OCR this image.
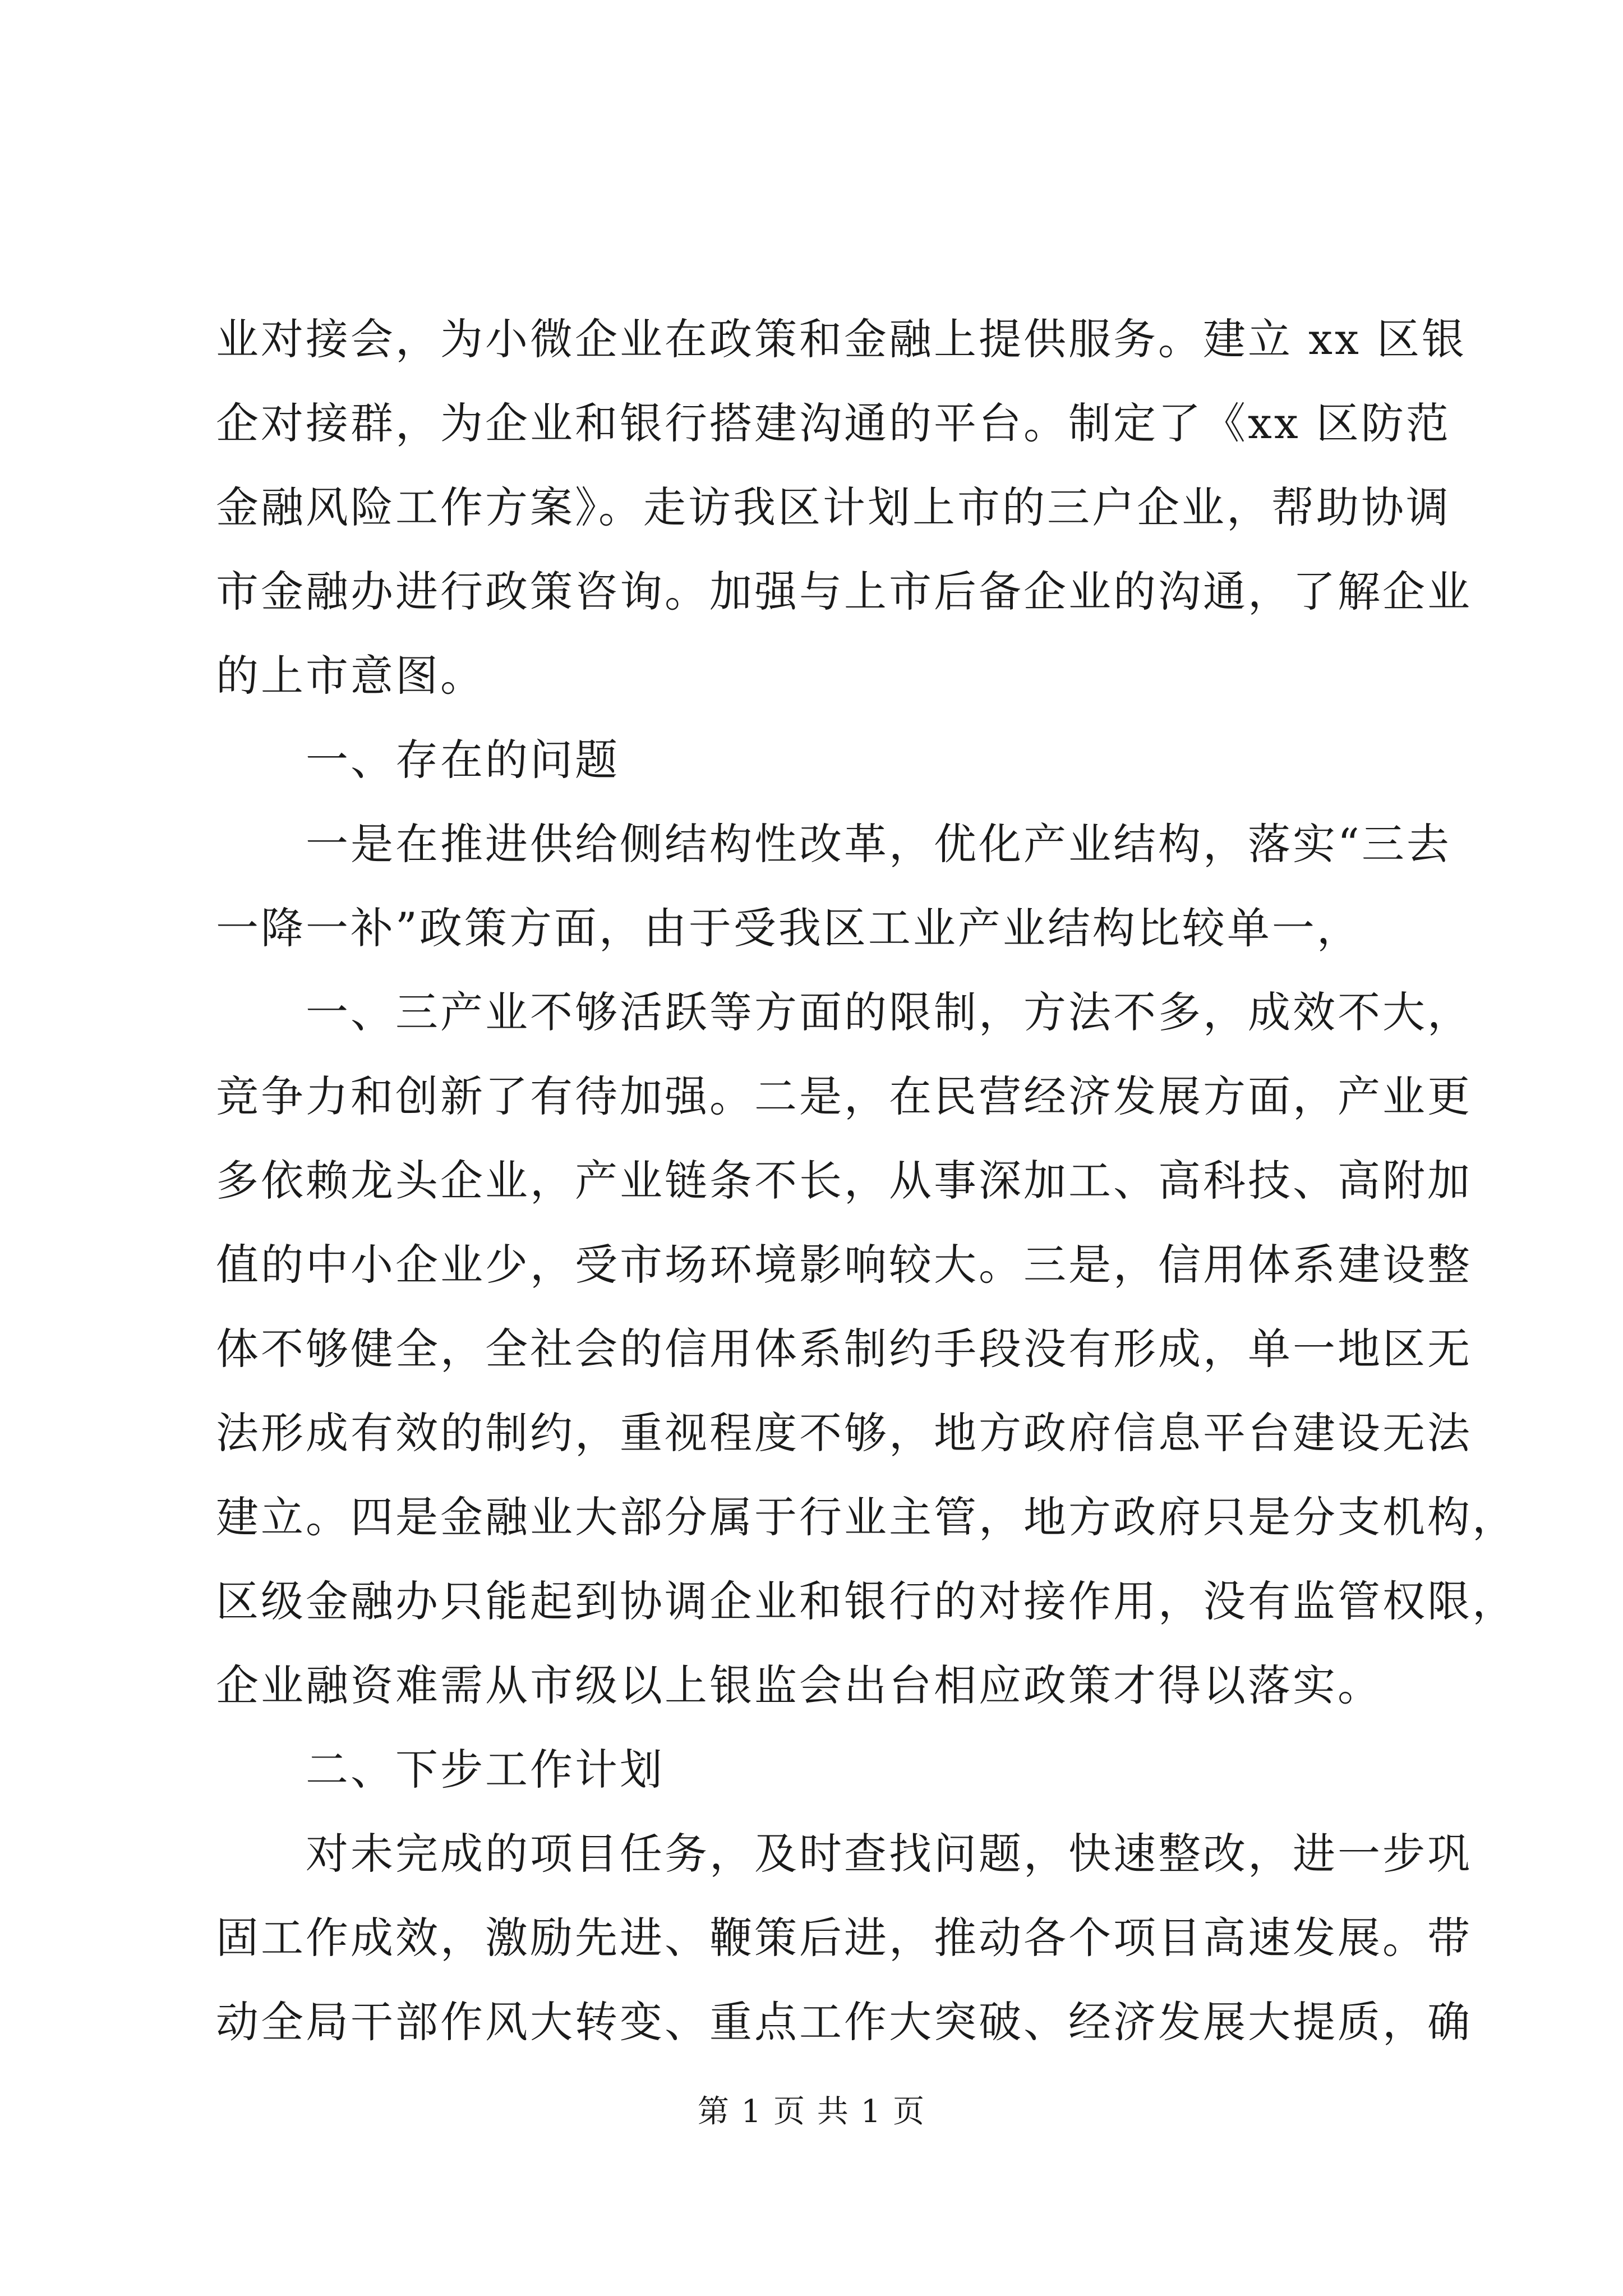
业对接会，为小微企业在政策和金融上提供服务。建立 xx 区银
企对接群，为企业和银行搭建沟通的平台。制定了《xx 区防范
金融风险工作方案》。走访我区计划上市的三户企业，帮助协调
市金融办进行政策咨询。加强与上市后备企业的沟通，了解企业
的上市意图。
一、存在的问题
一是在推进供给侧结构性改革，优化产业结构，落实“三去
一降一补”政策方面，由于受我区工业产业结构比较单一，
一、三产业不够活跃等方面的限制，方法不多，成效不大，
竞争力和创新了有待加强。二是，在民营经济发展方面，产业更
多依赖龙头企业，产业链条不长，从事深加工、高科技、高附加
值的中小企业少，受市场环境影响较大。三是，信用体系建设整
体不够健全，全社会的信用体系制约手段没有形成，单一地区无
法形成有效的制约，重视程度不够，地方政府信息平台建设无法
建立。四是金融业大部分属于行业主管，地方政府只是分支机构，
区级金融办只能起到协调企业和银行的对接作用，没有监管权限，
企业融资难需从市级以上银监会出台相应政策才得以落实。
二、下步工作计划
对未完成的项目任务，及时查找问题，快速整改，进一步巩
固工作成效，激励先进、鞭策后进，推动各个项目高速发展。带
动全局干部作风大转变、重点工作大突破、经济发展大提质，确
第 1 页 共 1 页
